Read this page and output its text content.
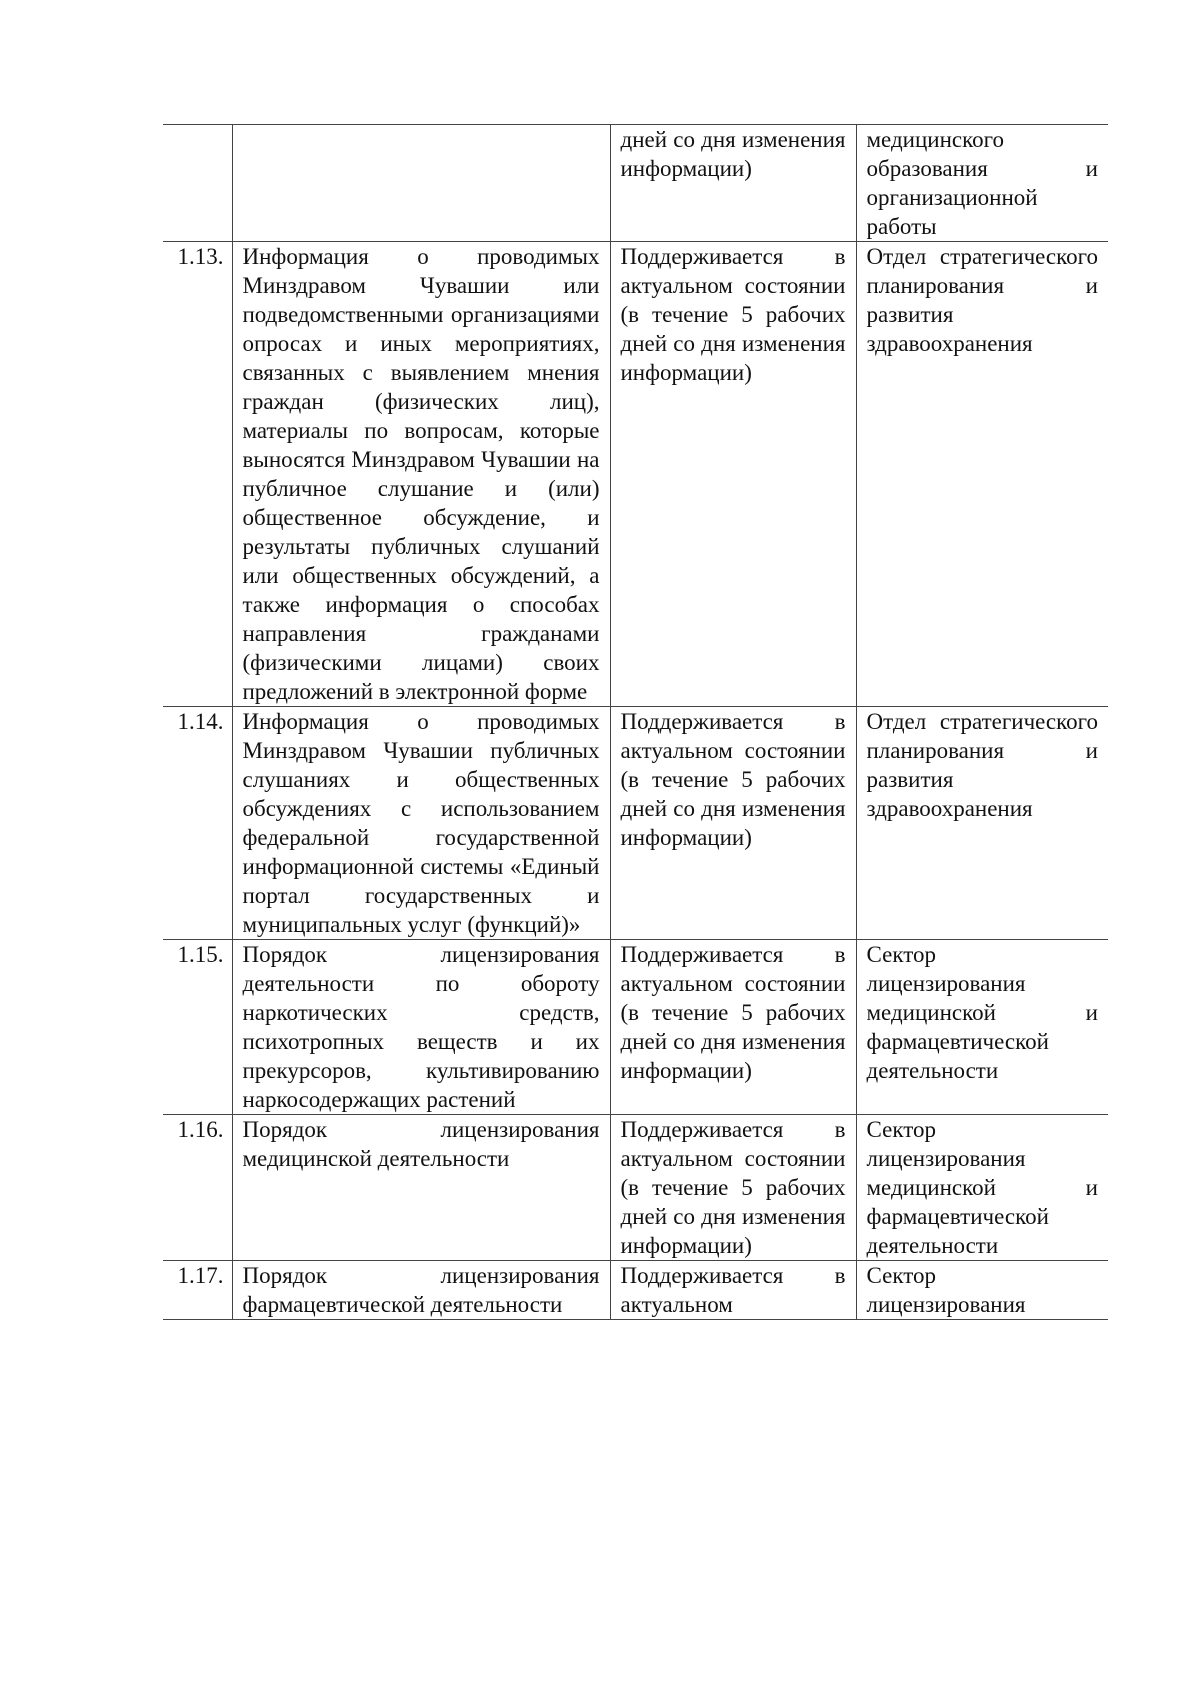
		дней со дня изменения информации)	медицинского образования и организационной работы
1.13.	Информация о проводимых Минздравом Чувашии или подведомственными организациями опросах и иных мероприятиях, связанных с выявлением мнения граждан (физических лиц), материалы по вопросам, которые выносятся Минздравом Чувашии на публичное слушание и (или) общественное обсуждение, и результаты публичных слушаний или общественных обсуждений, а также информация о способах направления гражданами (физическими лицами) своих предложений в электронной форме	Поддерживается в актуальном состоянии (в течение 5 рабочих дней со дня изменения информации)	Отдел стратегического планирования и развития здравоохранения
1.14.	Информация о проводимых Минздравом Чувашии публичных слушаниях и общественных обсуждениях с использованием федеральной государственной информационной системы «Единый портал государственных и муниципальных услуг (функций)»	Поддерживается в актуальном состоянии (в течение 5 рабочих дней со дня изменения информации)	Отдел стратегического планирования и развития здравоохранения
1.15.	Порядок лицензирования деятельности по обороту наркотических средств, психотропных веществ и их прекурсоров, культивированию наркосодержащих растений	Поддерживается в актуальном состоянии (в течение 5 рабочих дней со дня изменения информации)	Сектор лицензирования медицинской и фармацевтической деятельности
1.16.	Порядок лицензирования медицинской деятельности	Поддерживается в актуальном состоянии (в течение 5 рабочих дней со дня изменения информации)	Сектор лицензирования медицинской и фармацевтической деятельности
1.17.	Порядок лицензирования фармацевтической деятельности	Поддерживается в актуальном	Сектор лицензирования
